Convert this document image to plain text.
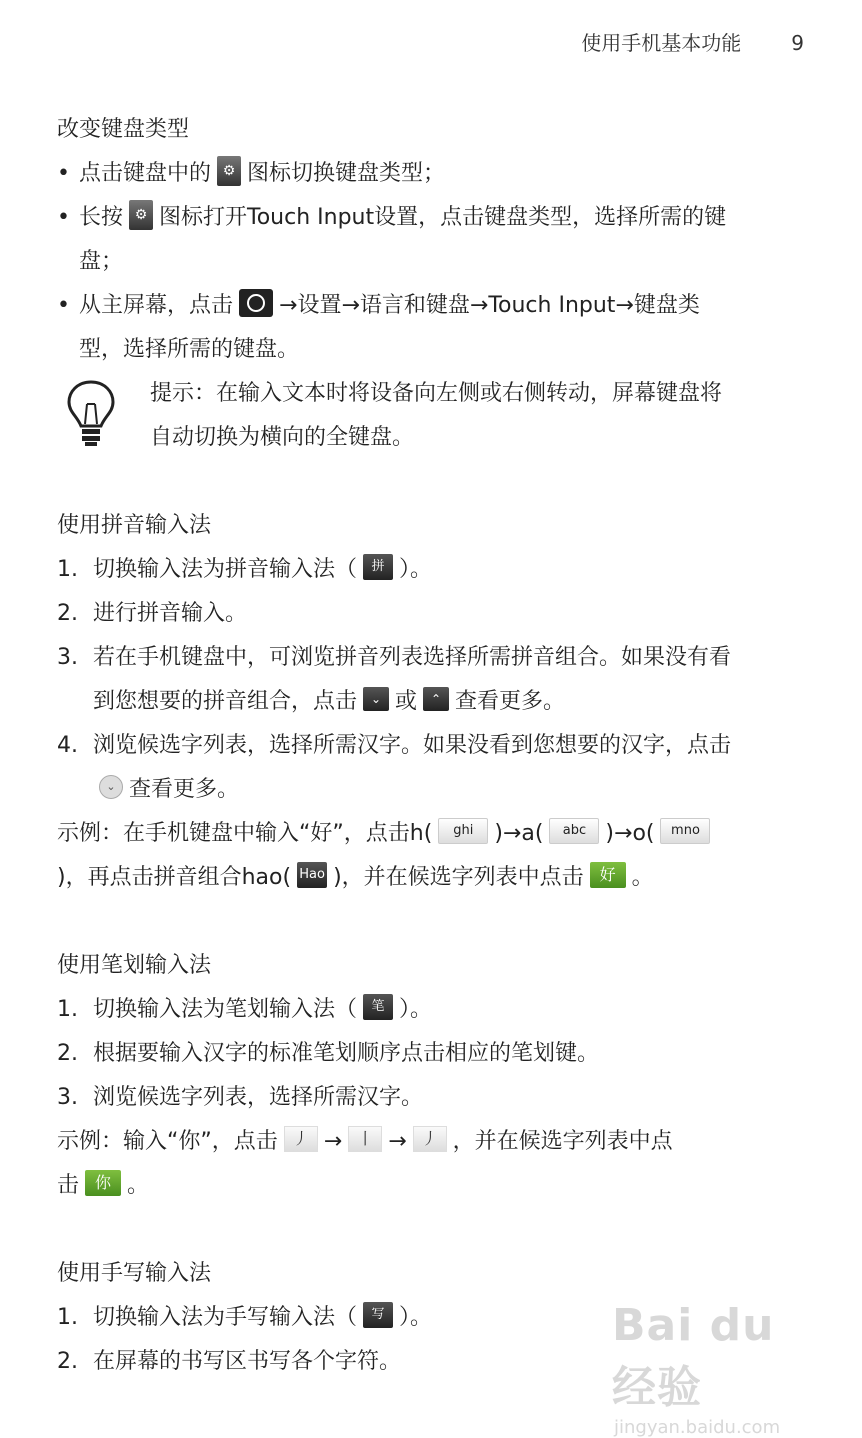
使用手机基本功能	9
改变键盘类型
• 点击键盘中的 ⚙ 图标切换键盘类型；
• 长按 ⚙ 图标打开Touch Input设置，点击键盘类型，选择所需的键
盘；
• 从主屏幕，点击 →设置→语言和键盘→Touch Input→键盘类
型，选择所需的键盘。
提示：在输入文本时将设备向左侧或右侧转动，屏幕键盘将
自动切换为横向的全键盘。
使用拼音输入法
1. 切换输入法为拼音输入法（ 拼 ）。
2. 进行拼音输入。
3. 若在手机键盘中，可浏览拼音列表选择所需拼音组合。如果没有看
到您想要的拼音组合，点击 ⌄ 或 ⌃ 查看更多。
4. 浏览候选字列表，选择所需汉字。如果没看到您想要的汉字，点击
⌄ 查看更多。
示例：在手机键盘中输入“好”，点击h( ghi )→a( abc )→o( mno
)，再点击拼音组合hao( Hao )，并在候选字列表中点击 好 。
使用笔划输入法
1. 切换输入法为笔划输入法（ 笔 ）。
2. 根据要输入汉字的标准笔划顺序点击相应的笔划键。
3. 浏览候选字列表，选择所需汉字。
示例：输入“你”，点击 丿 → 丨 → 丿 ，并在候选字列表中点
击 你 。
使用手写输入法
1. 切换输入法为手写输入法（ 写 ）。
2. 在屏幕的书写区书写各个字符。
Bai du 经验
jingyan.baidu.com
